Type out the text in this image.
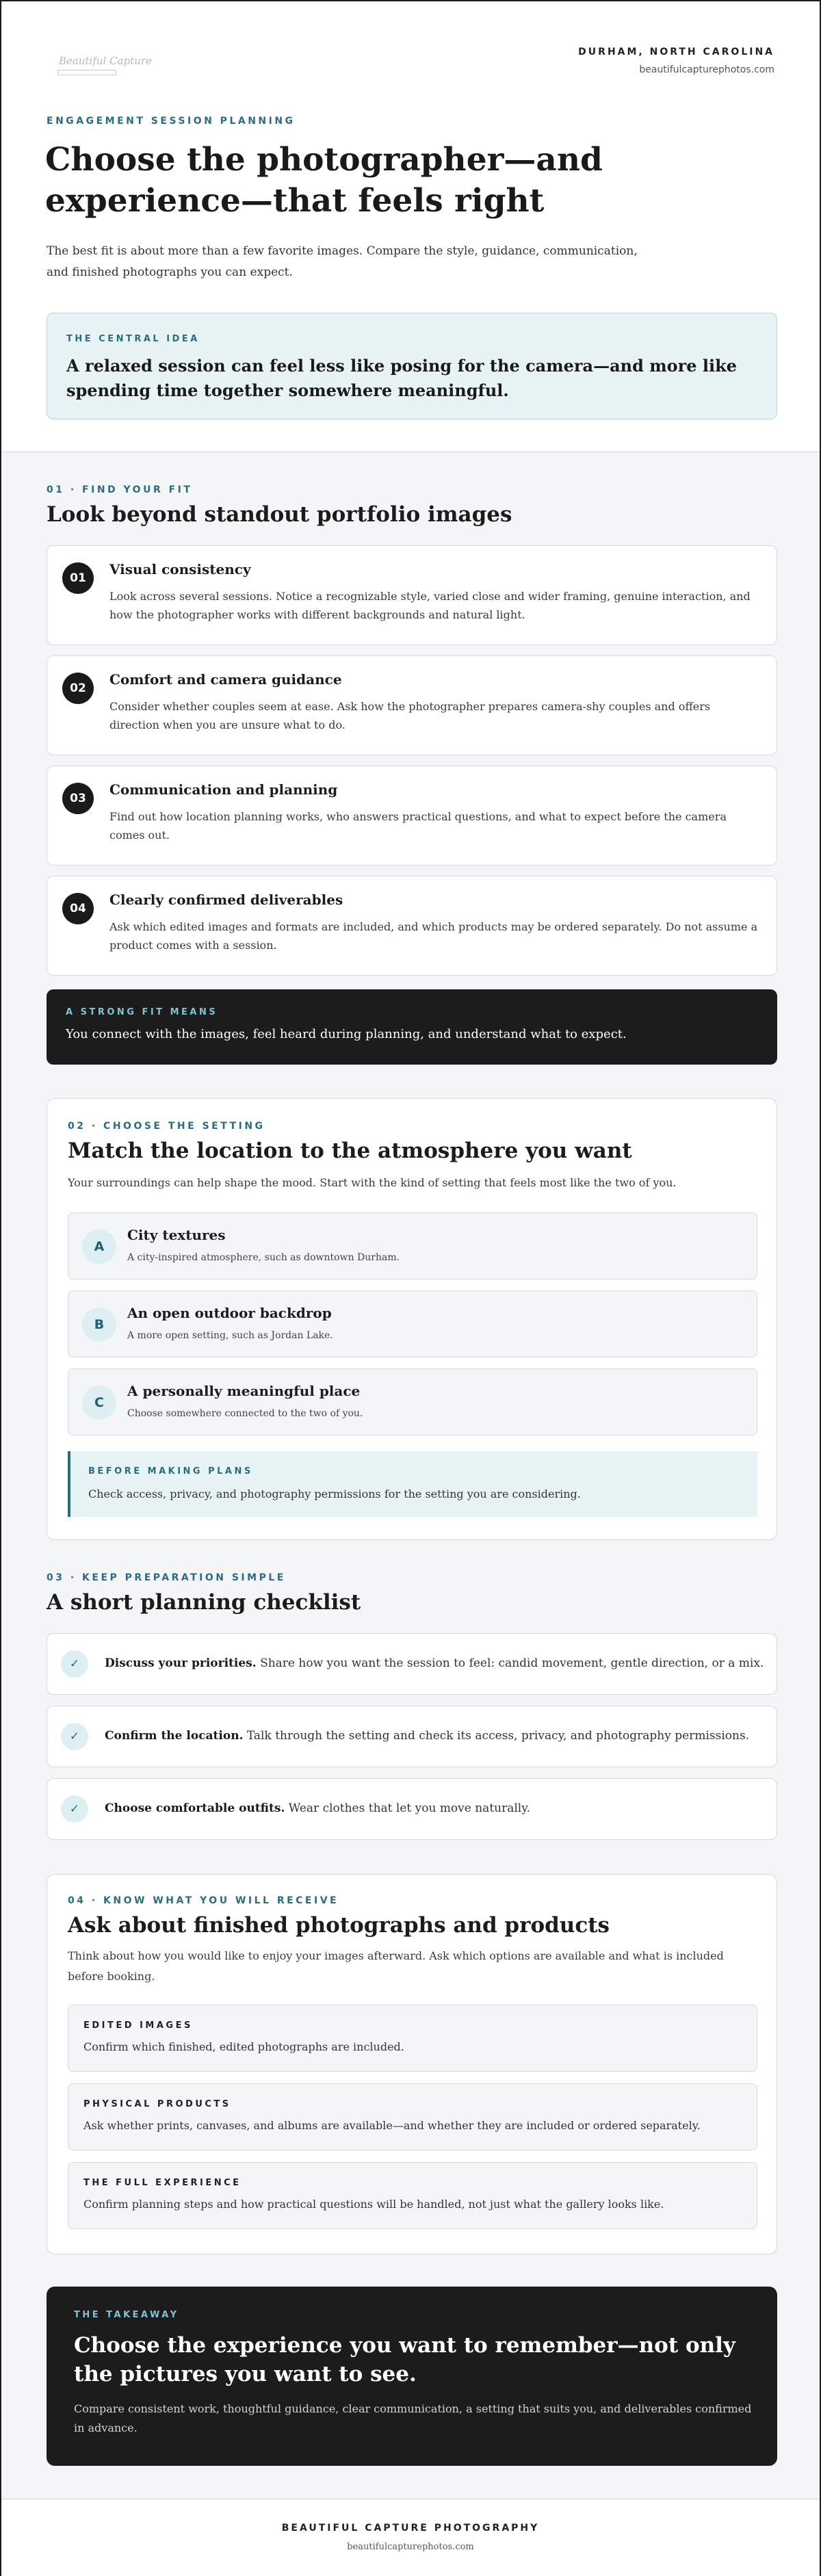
Beautiful Capture
DURHAM, NORTH CAROLINA
beautifulcapturephotos.com
ENGAGEMENT SESSION PLANNING
Choose the photographer—and experience—that feels right

The best fit is about more than a few favorite images. Compare the style, guidance, communication, and finished photographs you can expect.

THE CENTRAL IDEA
A relaxed session can feel less like posing for the camera—and more like spending time together somewhere meaningful.
01 · FIND YOUR FIT
Look beyond standout portfolio images
01
Visual consistency

Look across several sessions. Notice a recognizable style, varied close and wider framing, genuine interaction, and how the photographer works with different backgrounds and natural light.

02
Comfort and camera guidance

Consider whether couples seem at ease. Ask how the photographer prepares camera-shy couples and offers direction when you are unsure what to do.

03
Communication and planning

Find out how location planning works, who answers practical questions, and what to expect before the camera comes out.

04
Clearly confirmed deliverables

Ask which edited images and formats are included, and which products may be ordered separately. Do not assume a product comes with a session.

A STRONG FIT MEANS
You connect with the images, feel heard during planning, and understand what to expect.
02 · CHOOSE THE SETTING
Match the location to the atmosphere you want

Your surroundings can help shape the mood. Start with the kind of setting that feels most like the two of you.

A
City textures
A city-inspired atmosphere, such as downtown Durham.
B
An open outdoor backdrop
A more open setting, such as Jordan Lake.
C
A personally meaningful place
Choose somewhere connected to the two of you.
BEFORE MAKING PLANS
Check access, privacy, and photography permissions for the setting you are considering.
03 · KEEP PREPARATION SIMPLE
A short planning checklist
✓	Discuss your priorities. Share how you want the session to feel: candid movement, gentle direction, or a mix.
✓	Confirm the location. Talk through the setting and check its access, privacy, and photography permissions.
✓	Choose comfortable outfits. Wear clothes that let you move naturally.
04 · KNOW WHAT YOU WILL RECEIVE
Ask about finished photographs and products

Think about how you would like to enjoy your images afterward. Ask which options are available and what is included before booking.

EDITED IMAGES
Confirm which finished, edited photographs are included.
PHYSICAL PRODUCTS
Ask whether prints, canvases, and albums are available—and whether they are included or ordered separately.
THE FULL EXPERIENCE
Confirm planning steps and how practical questions will be handled, not just what the gallery looks like.
THE TAKEAWAY
Choose the experience you want to remember—not only the pictures you want to see.
Compare consistent work, thoughtful guidance, clear communication, a setting that suits you, and deliverables confirmed in advance.
BEAUTIFUL CAPTURE PHOTOGRAPHY
beautifulcapturephotos.com
